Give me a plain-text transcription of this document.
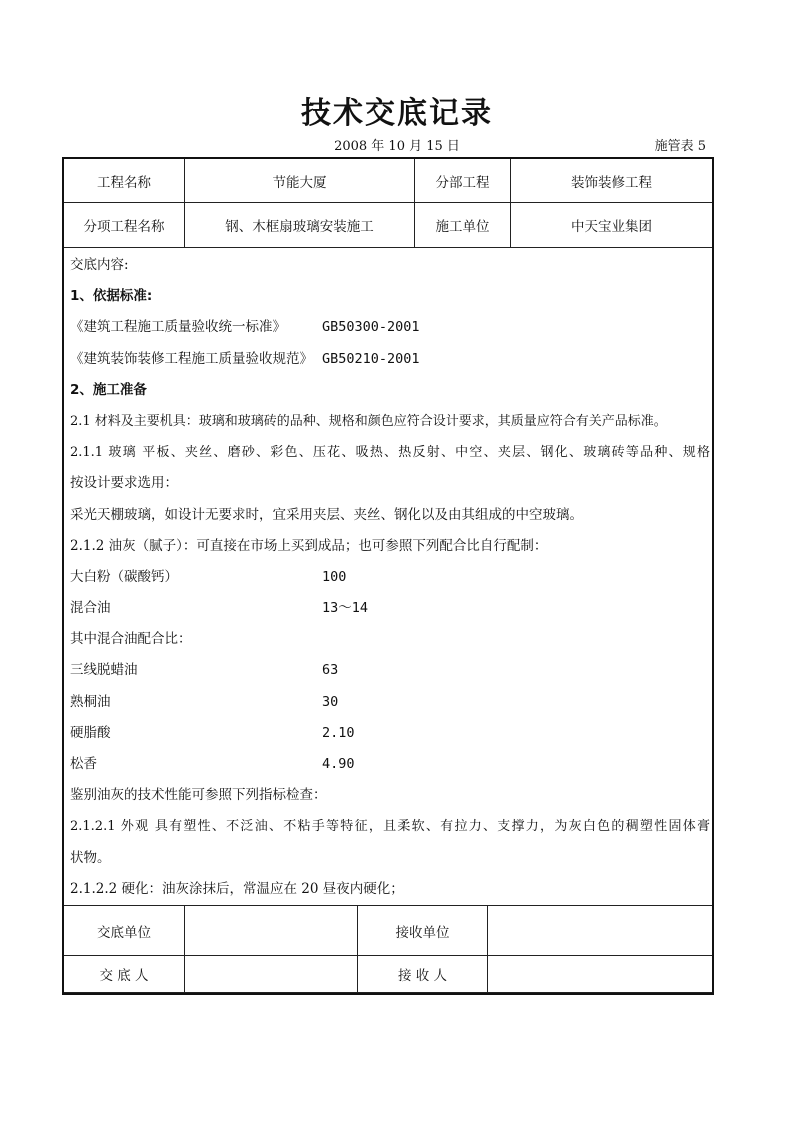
技术交底记录
2008 年 10 月 15 日	施管表 5
工程名称	节能大厦	分部工程	装饰装修工程
分项工程名称	钢、木框扇玻璃安装施工	施工单位	中天宝业集团

交底单位		接收单位	
交 底 人		接 收 人	
交底内容:
1、依据标准:
《建筑工程施工质量验收统一标准》	GB50300-2001
《建筑装饰装修工程施工质量验收规范》 GB50210-2001
2、施工准备
2.1 材料及主要机具：玻璃和玻璃砖的品种、规格和颜色应符合设计要求，其质量应符合有关产品标准。
2.1.1 玻璃 平板、夹丝、磨砂、彩色、压花、吸热、热反射、中空、夹层、钢化、玻璃砖等品种、规格
按设计要求选用：
采光天棚玻璃，如设计无要求时，宜采用夹层、夹丝、钢化以及由其组成的中空玻璃。
2.1.2 油灰（腻子）：可直接在市场上买到成品；也可参照下列配合比自行配制：
大白粉（碳酸钙）	100
混合油	13～14
其中混合油配合比：
三线脱蜡油	63
熟桐油	30
硬脂酸	2.10
松香	4.90
鉴别油灰的技术性能可参照下列指标检查：
2.1.2.1 外观 具有塑性、不泛油、不粘手等特征，且柔软、有拉力、支撑力，为灰白色的稠塑性固体膏
状物。
2.1.2.2 硬化：油灰涂抹后，常温应在 20 昼夜内硬化；
